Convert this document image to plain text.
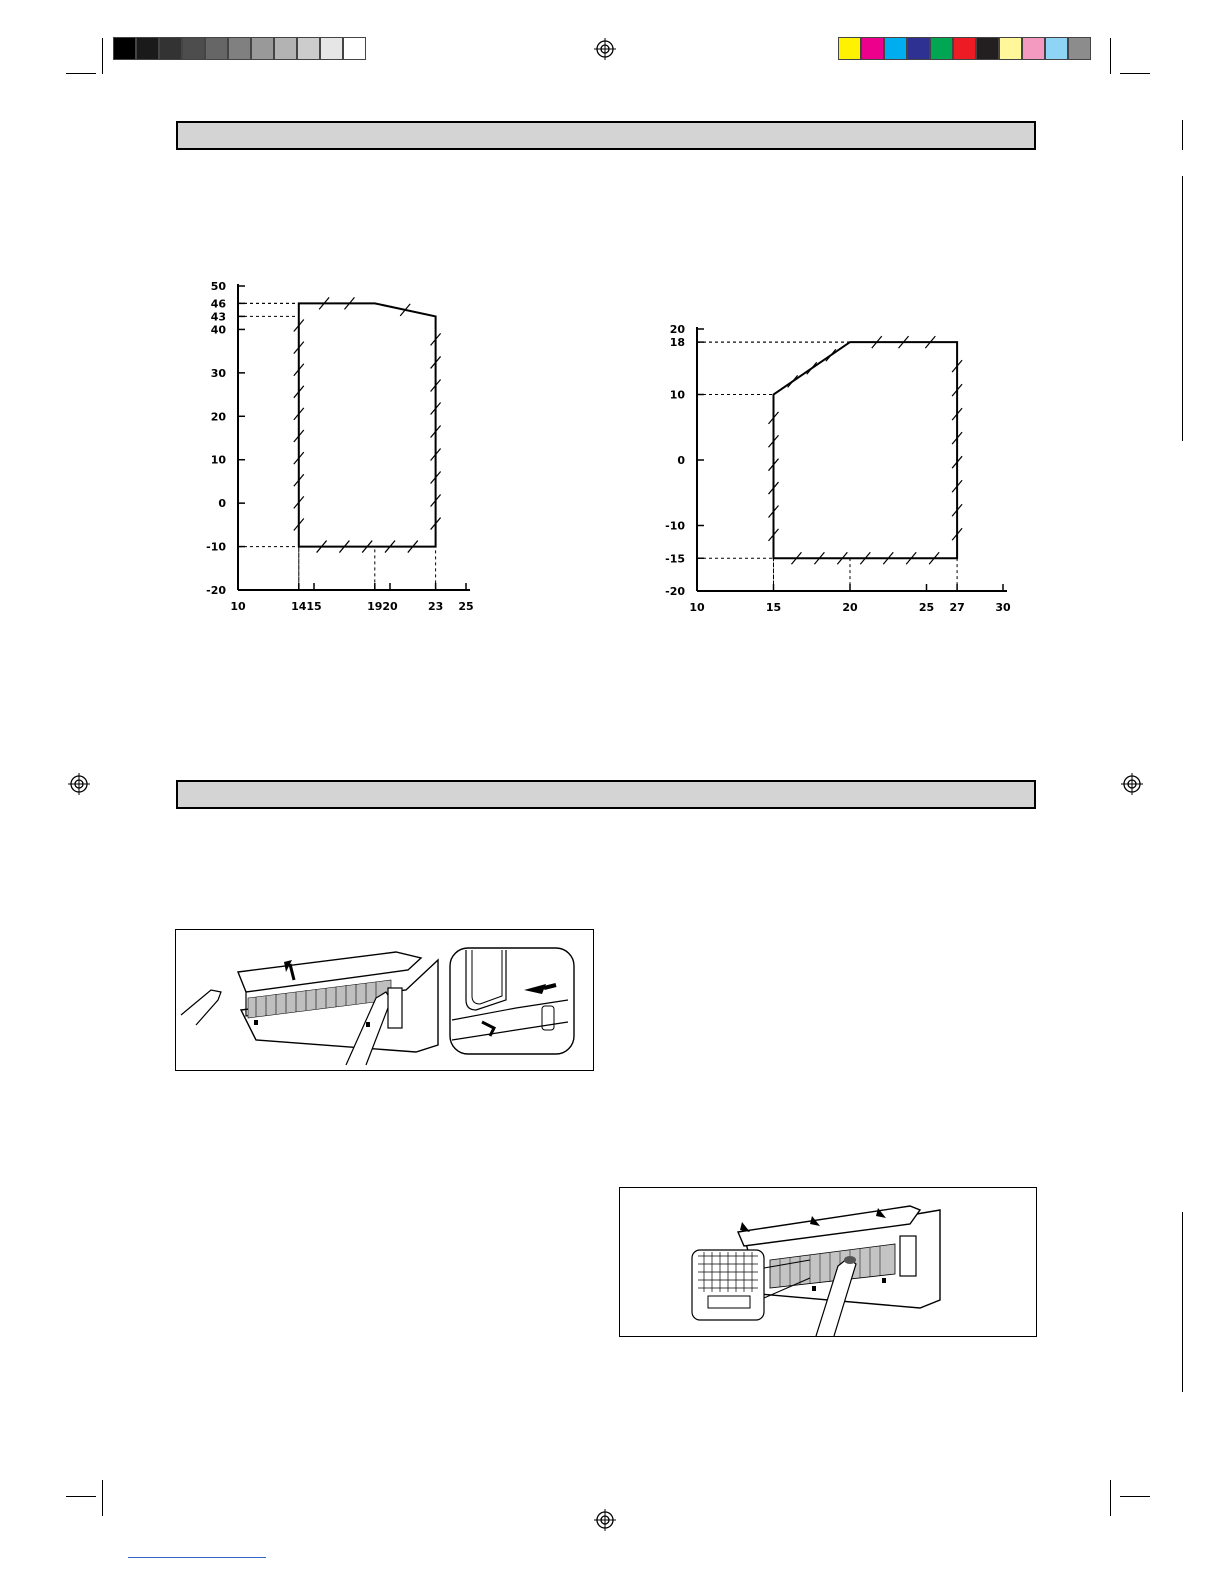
10	14 15	19 20	23 25
50
46
43
40
30
20
10
0
-10
-20
10	15	20	25 27	30
20
18
10
0
-10
-15
-20
